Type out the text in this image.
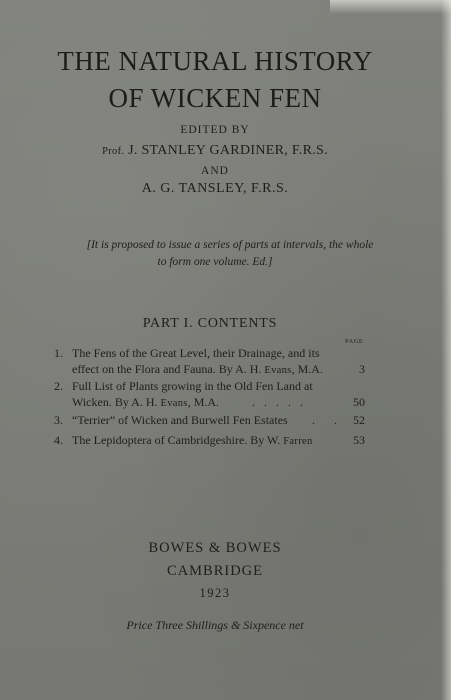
THE NATURAL HISTORY
OF WICKEN FEN
EDITED BY
Prof. J. STANLEY GARDINER, F.R.S.
AND
A. G. TANSLEY, F.R.S.
[It is proposed to issue a series of parts at intervals, the whole
to form one volume. Ed.]
PART I. CONTENTS
PAGE
1. The Fens of the Great Level, their Drainage, and its
effect on the Flora and Fauna. By A. H. Evans, M.A.	3
2. Full List of Plants growing in the Old Fen Land at
Wicken. By A. H. Evans, M.A.	. . . . .	50
3. “Terrier” of Wicken and Burwell Fen Estates . . 52
4. The Lepidoptera of Cambridgeshire. By W. Farren	53
BOWES & BOWES
CAMBRIDGE
1923
Price Three Shillings & Sixpence net
